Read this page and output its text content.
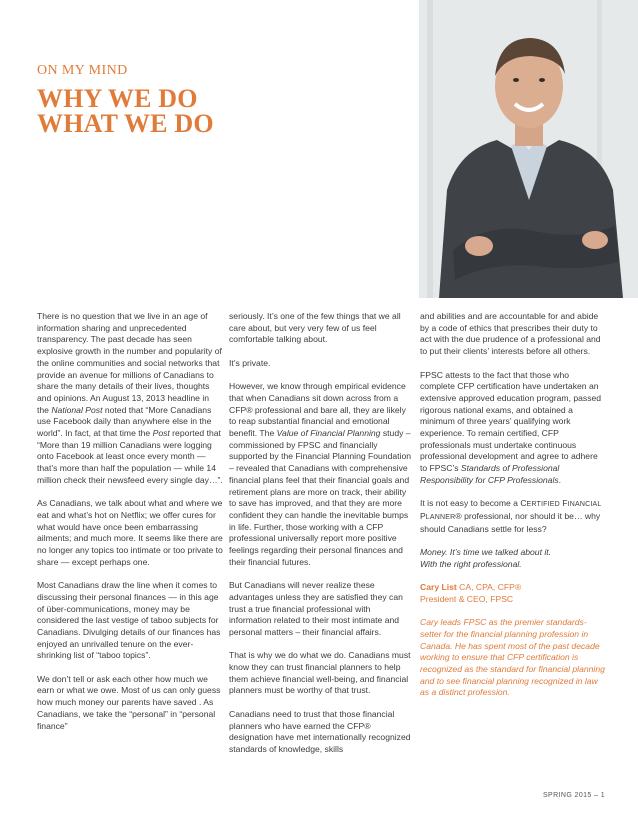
ON MY MIND
WHY WE DO
WHAT WE DO

There is no question that we live in an age of information sharing and unprecedented transparency. The past decade has seen explosive growth in the number and popularity of the online communities and social networks that provide an avenue for millions of Canadians to share the many details of their lives, thoughts and opinions. An August 13, 2013 headline in the National Post noted that “More Canadians use Facebook daily than anywhere else in the world”. In fact, at that time the Post reported that “More than 19 million Canadians were logging onto Facebook at least once every month — that’s more than half the population — while 14 million check their newsfeed every single day…”.

As Canadians, we talk about what and where we eat and what’s hot on Netflix; we offer cures for what would have once been embarrassing ailments; and much more. It seems like there are no longer any topics too intimate or too private to share — except perhaps one.

Most Canadians draw the line when it comes to discussing their personal finances — in this age of über-communications, money may be considered the last vestige of taboo subjects for Canadians. Divulging details of our finances has enjoyed an unrivalled tenure on the ever-shrinking list of “taboo topics”.

We don’t tell or ask each other how much we earn or what we owe. Most of us can only guess how much money our parents have saved . As Canadians, we take the “personal” in “personal finance”

seriously. It’s one of the few things that we all care about, but very very few of us feel comfortable talking about.

It’s private.

However, we know through empirical evidence that when Canadians sit down across from a CFP® professional and bare all, they are likely to reap substantial financial and emotional benefit. The Value of Financial Planning study – commissioned by FPSC and financially supported by the Financial Planning Foundation – revealed that Canadians with comprehensive financial plans feel that their financial goals and retirement plans are more on track, their ability to save has improved, and that they are more confident they can handle the inevitable bumps in life. Further, those working with a CFP professional universally report more positive feelings regarding their personal finances and their financial futures.

But Canadians will never realize these advantages unless they are satisfied they can trust a true financial professional with information related to their most intimate and personal matters – their financial affairs.

That is why we do what we do. Canadians must know they can trust financial planners to help them achieve financial well-being, and financial planners must be worthy of that trust.

Canadians need to trust that those financial planners who have earned the CFP® designation have met internationally recognized standards of knowledge, skills

and abilities and are accountable for and abide by a code of ethics that prescribes their duty to act with the due prudence of a professional and to put their clients’ interests before all others.

FPSC attests to the fact that those who complete CFP certification have undertaken an extensive approved education program, passed rigorous national exams, and obtained a minimum of three years’ qualifying work experience. To remain certified, CFP professionals must undertake continuous professional development and agree to adhere to FPSC’s Standards of Professional Responsibility for CFP Professionals.

It is not easy to become a CERTIFIED FINANCIAL PLANNER® professional, nor should it be… why should Canadians settle for less?

Money. It’s time we talked about it.
With the right professional.

Cary List CA, CPA, CFP®

President & CEO, FPSC

Cary leads FPSC as the premier standards-setter for the financial planning profession in Canada. He has spent most of the past decade working to ensure that CFP certification is recognized as the standard for financial planning and to see financial planning recognized in law as a distinct profession.

SPRING 2015 – 1
